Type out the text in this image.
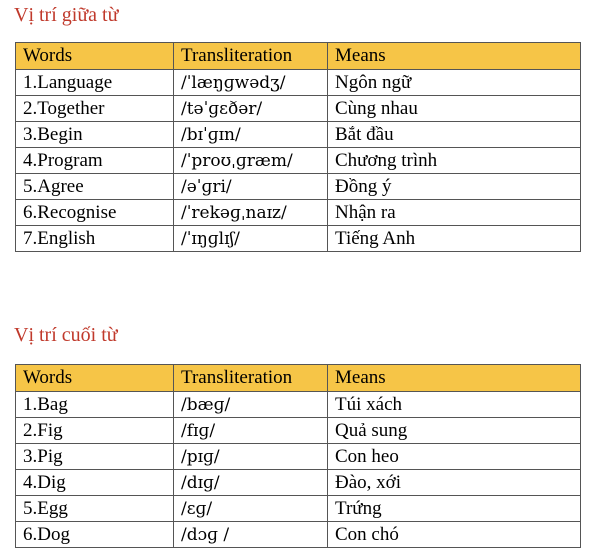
Vị trí giữa từ
Words	Transliteration	Means
1.Language	/ˈlæŋɡwədʒ/	Ngôn ngữ
2.Together	/təˈɡɛðər/	Cùng nhau
3.Begin	/bɪˈɡɪn/	Bắt đầu
4.Program	/ˈproʊˌɡræm/	Chương trình
5.Agree	/əˈɡri/	Đồng ý
6.Recognise	/ˈrekəɡˌnaɪz/	Nhận ra
7.English	/ˈɪŋɡlɪʃ/	Tiếng Anh
Vị trí cuối từ
Words	Transliteration	Means
1.Bag	/bæɡ/	Túi xách
2.Fig	/fɪɡ/	Quả sung
3.Pig	/pɪɡ/	Con heo
4.Dig	/dɪɡ/	Đào, xới
5.Egg	/ɛɡ/	Trứng
6.Dog	/dɔɡ /	Con chó
